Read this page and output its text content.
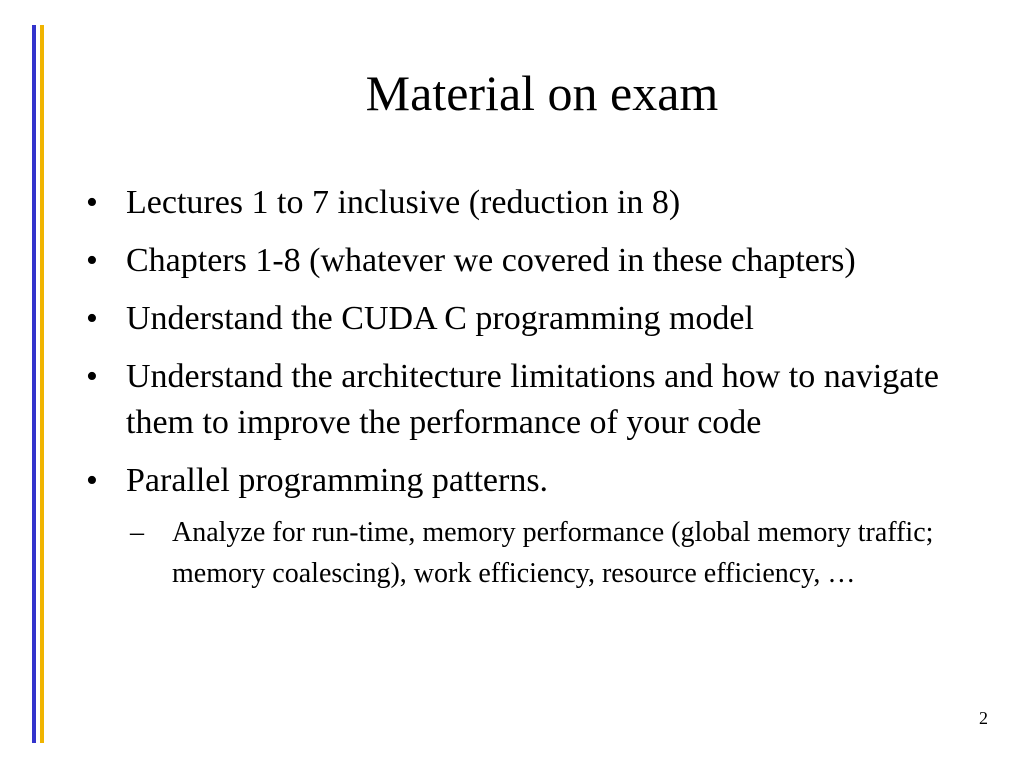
Material on exam
• Lectures 1 to 7 inclusive (reduction in 8)
• Chapters 1-8 (whatever we covered in these chapters)
• Understand the CUDA C programming model
• Understand the architecture limitations and how to navigate them to improve the performance of your code
• Parallel programming patterns.
– Analyze for run-time, memory performance (global memory traffic; memory coalescing), work efficiency, resource efficiency, …
2
